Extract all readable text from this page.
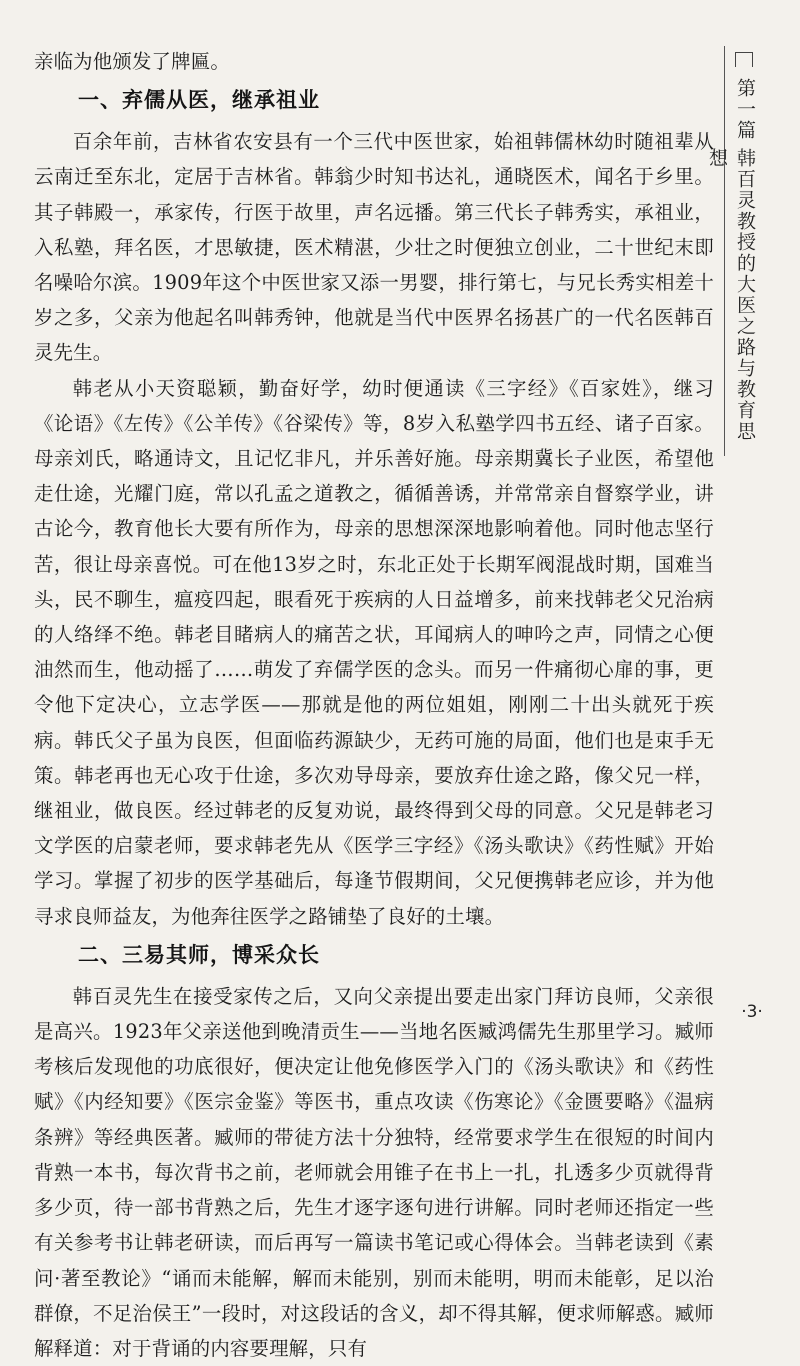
亲临为他颁发了牌匾。

一、弃儒从医，继承祖业

百余年前，吉林省农安县有一个三代中医世家，始祖韩儒林幼时随祖辈从云南迁至东北，定居于吉林省。韩翁少时知书达礼，通晓医术，闻名于乡里。其子韩殿一，承家传，行医于故里，声名远播。第三代长子韩秀实，承祖业，入私塾，拜名医，才思敏捷，医术精湛，少壮之时便独立创业，二十世纪末即名噪哈尔滨。1909年这个中医世家又添一男婴，排行第七，与兄长秀实相差十岁之多，父亲为他起名叫韩秀钟，他就是当代中医界名扬甚广的一代名医韩百灵先生。

韩老从小天资聪颖，勤奋好学，幼时便通读《三字经》《百家姓》，继习《论语》《左传》《公羊传》《谷梁传》等，8岁入私塾学四书五经、诸子百家。母亲刘氏，略通诗文，且记忆非凡，并乐善好施。母亲期冀长子业医，希望他走仕途，光耀门庭，常以孔孟之道教之，循循善诱，并常常亲自督察学业，讲古论今，教育他长大要有所作为，母亲的思想深深地影响着他。同时他志坚行苦，很让母亲喜悦。可在他13岁之时，东北正处于长期军阀混战时期，国难当头，民不聊生，瘟疫四起，眼看死于疾病的人日益增多，前来找韩老父兄治病的人络绎不绝。韩老目睹病人的痛苦之状，耳闻病人的呻吟之声，同情之心便油然而生，他动摇了……萌发了弃儒学医的念头。而另一件痛彻心扉的事，更令他下定决心，立志学医——那就是他的两位姐姐，刚刚二十出头就死于疾病。韩氏父子虽为良医，但面临药源缺少，无药可施的局面，他们也是束手无策。韩老再也无心攻于仕途，多次劝导母亲，要放弃仕途之路，像父兄一样，继祖业，做良医。经过韩老的反复劝说，最终得到父母的同意。父兄是韩老习文学医的启蒙老师，要求韩老先从《医学三字经》《汤头歌诀》《药性赋》开始学习。掌握了初步的医学基础后，每逢节假期间，父兄便携韩老应诊，并为他寻求良师益友，为他奔往医学之路铺垫了良好的土壤。

二、三易其师，博采众长

韩百灵先生在接受家传之后，又向父亲提出要走出家门拜访良师，父亲很是高兴。1923年父亲送他到晚清贡生——当地名医臧鸿儒先生那里学习。臧师考核后发现他的功底很好，便决定让他免修医学入门的《汤头歌诀》和《药性赋》《内经知要》《医宗金鉴》等医书，重点攻读《伤寒论》《金匮要略》《温病条辨》等经典医著。臧师的带徒方法十分独特，经常要求学生在很短的时间内背熟一本书，每次背书之前，老师就会用锥子在书上一扎，扎透多少页就得背多少页，待一部书背熟之后，先生才逐字逐句进行讲解。同时老师还指定一些有关参考书让韩老研读，而后再写一篇读书笔记或心得体会。当韩老读到《素问·著至教论》“诵而未能解，解而未能别，别而未能明，明而未能彰，足以治群僚，不足治侯王”一段时，对这段话的含义，却不得其解，便求师解惑。臧师解释道：对于背诵的内容要理解，只有

第一篇
韩百灵教授的大医之路与教育思想
·3·
